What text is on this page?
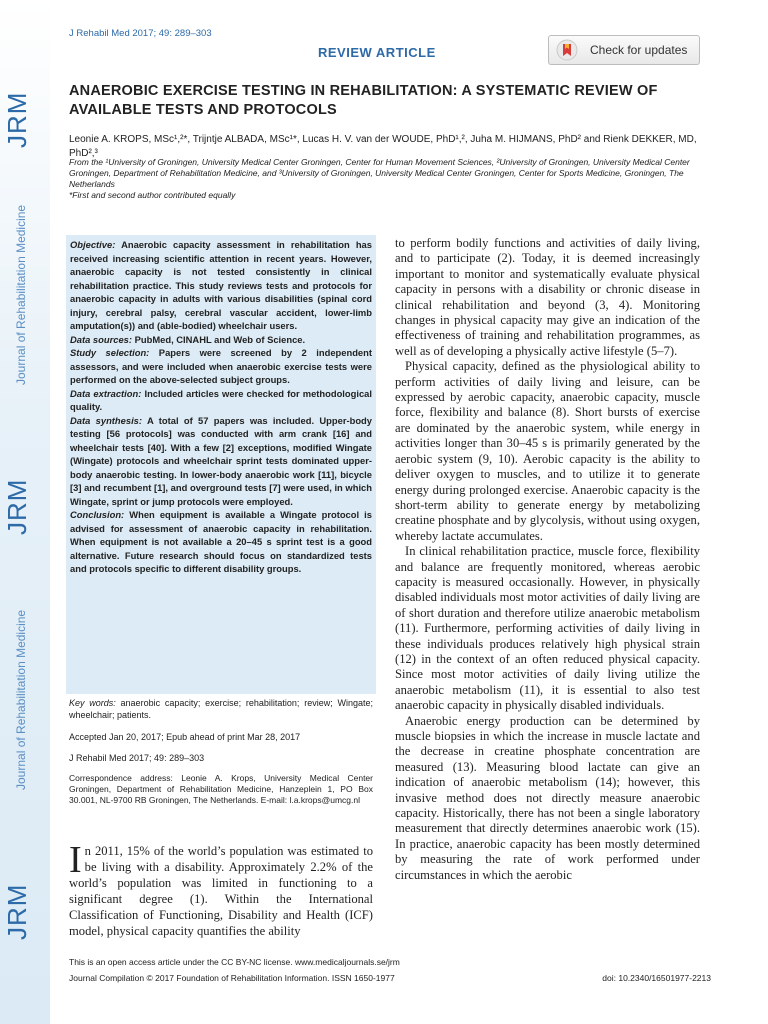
JRM
Journal of Rehabilitation Medicine
JRM
Journal of Rehabilitation Medicine
JRM
J Rehabil Med 2017; 49: 289–303
REVIEW ARTICLE	Check for updates
ANAEROBIC EXERCISE TESTING IN REHABILITATION: A SYSTEMATIC REVIEW OF AVAILABLE TESTS AND PROTOCOLS
Leonie A. KROPS, MSc¹,²*, Trijntje ALBADA, MSc¹*, Lucas H. V. van der WOUDE, PhD¹,², Juha M. HIJMANS, PhD² and Rienk DEKKER, MD, PhD²,³
From the ¹University of Groningen, University Medical Center Groningen, Center for Human Movement Sciences, ²University of Groningen, University Medical Center Groningen, Department of Rehabilitation Medicine, and ³University of Groningen, University Medical Center Groningen, Center for Sports Medicine, Groningen, The Netherlands
*First and second author contributed equally

Objective: Anaerobic capacity assessment in rehabilitation has received increasing scientific attention in recent years. However, anaerobic capacity is not tested consistently in clinical rehabilitation practice. This study reviews tests and protocols for anaerobic capacity in adults with various disabilities (spinal cord injury, cerebral palsy, cerebral vascular accident, lower-limb amputation(s)) and (able-bodied) wheelchair users.

Data sources: PubMed, CINAHL and Web of Science.

Study selection: Papers were screened by 2 independent assessors, and were included when anaerobic exercise tests were performed on the above-selected subject groups.

Data extraction: Included articles were checked for methodological quality.

Data synthesis: A total of 57 papers was included. Upper-body testing [56 protocols] was conducted with arm crank [16] and wheelchair tests [40]. With a few [2] exceptions, modified Wingate (Wingate) protocols and wheelchair sprint tests dominated upper-body anaerobic testing. In lower-body anaerobic work [11], bicycle [3] and recumbent [1], and overground tests [7] were used, in which Wingate, sprint or jump protocols were employed.

Conclusion: When equipment is available a Wingate protocol is advised for assessment of anaerobic capacity in rehabilitation. When equipment is not available a 20–45 s sprint test is a good alternative. Future research should focus on standardized tests and protocols specific to different disability groups.

Key words: anaerobic capacity; exercise; rehabilitation; review; Wingate; wheelchair; patients.
Accepted Jan 20, 2017; Epub ahead of print Mar 28, 2017
J Rehabil Med 2017; 49: 289–303
Correspondence address: Leonie A. Krops, University Medical Center Groningen, Department of Rehabilitation Medicine, Hanzeplein 1, PO Box 30.001, NL-9700 RB Groningen, The Netherlands. E-mail: l.a.krops@umcg.nl
In 2011, 15% of the world’s population was estimated to be living with a disability. Approximately 2.2% of the world’s population was limited in functioning to a significant degree (1). Within the International Classification of Functioning, Disability and Health (ICF) model, physical capacity quantifies the ability

to perform bodily functions and activities of daily living, and to participate (2). Today, it is deemed increasingly important to monitor and systematically evaluate physical capacity in persons with a disability or chronic disease in clinical rehabilitation and beyond (3, 4). Monitoring changes in physical capacity may give an indication of the effectiveness of training and rehabilitation programmes, as well as of developing a physically active lifestyle (5–7).

Physical capacity, defined as the physiological ability to perform activities of daily living and leisure, can be expressed by aerobic capacity, anaerobic capacity, muscle force, flexibility and balance (8). Short bursts of exercise are dominated by the anaerobic system, while energy in activities longer than 30–45 s is primarily generated by the aerobic system (9, 10). Aerobic capacity is the ability to deliver oxygen to muscles, and to utilize it to generate energy during prolonged exercise. Anaerobic capacity is the short-term ability to generate energy by metabolizing creatine phosphate and by glycolysis, without using oxygen, whereby lactate accumulates.

In clinical rehabilitation practice, muscle force, flexibility and balance are frequently monitored, whereas aerobic capacity is measured occasionally. However, in physically disabled individuals most motor activities of daily living are of short duration and therefore utilize anaerobic metabolism (11). Furthermore, performing activities of daily living in these individuals produces relatively high physical strain (12) in the context of an often reduced physical capacity. Since most motor activities of daily living utilize the anaerobic metabolism (11), it is essential to also test anaerobic capacity in physically disabled individuals.

Anaerobic energy production can be determined by muscle biopsies in which the increase in muscle lactate and the decrease in creatine phosphate concentration are measured (13). Measuring blood lactate can give an indication of anaerobic metabolism (14); however, this invasive method does not directly measure anaerobic capacity. Historically, there has not been a single laboratory measurement that directly determines anaerobic work (15). In practice, anaerobic capacity has been mostly determined by measuring the rate of work performed under circumstances in which the aerobic

This is an open access article under the CC BY-NC license. www.medicaljournals.se/jrm
Journal Compilation © 2017 Foundation of Rehabilitation Information. ISSN 1650-1977	doi: 10.2340/16501977-2213
